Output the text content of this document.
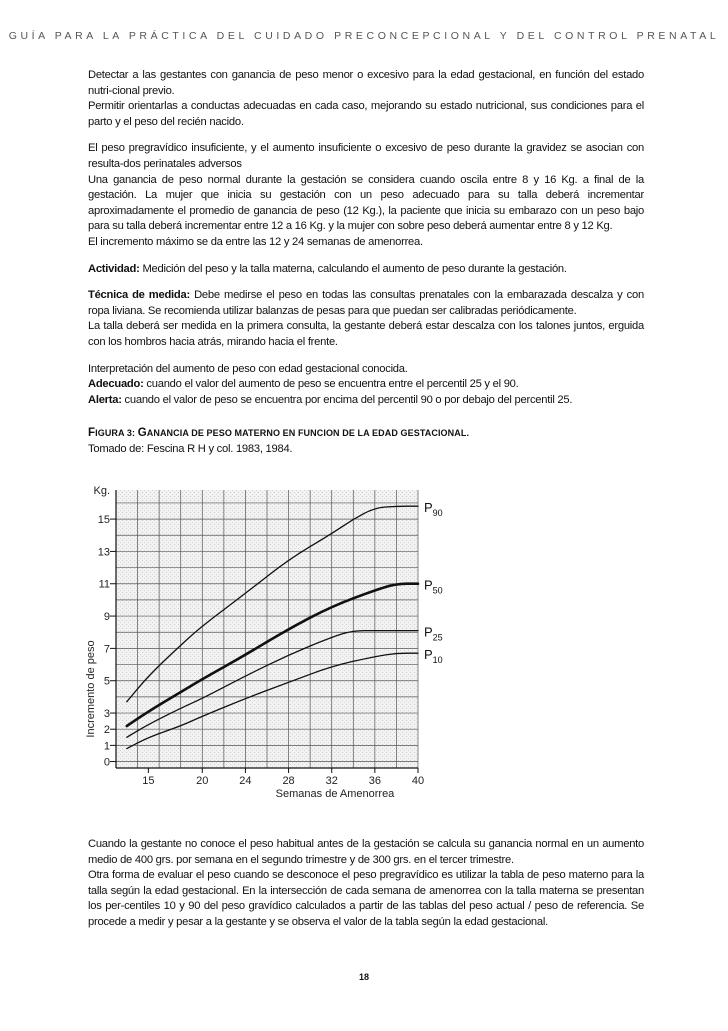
GUÍA PARA LA PRÁCTICA DEL CUIDADO PRECONCEPCIONAL Y DEL CONTROL PRENATAL

Detectar a las gestantes con ganancia de peso menor o excesivo para la edad gestacional, en función del estado nutri-cional previo.

Permitir orientarlas a conductas adecuadas en cada caso, mejorando su estado nutricional, sus condiciones para el parto y el peso del recién nacido.

El peso pregravídico insuficiente, y el aumento insuficiente o excesivo de peso durante la gravidez se asocian con resulta-dos perinatales adversos

Una ganancia de peso normal durante la gestación se considera cuando oscila entre 8 y 16 Kg. a final de la gestación. La mujer que inicia su gestación con un peso adecuado para su talla deberá incrementar aproximadamente el promedio de ganancia de peso (12 Kg.), la paciente que inicia su embarazo con un peso bajo para su talla deberá incrementar entre 12 a 16 Kg. y la mujer con sobre peso deberá aumentar entre 8 y 12 Kg.

El incremento máximo se da entre las 12 y 24 semanas de amenorrea.

Actividad: Medición del peso y la talla materna, calculando el aumento de peso durante la gestación.

Técnica de medida: Debe medirse el peso en todas las consultas prenatales con la embarazada descalza y con ropa liviana. Se recomienda utilizar balanzas de pesas para que puedan ser calibradas periódicamente.

La talla deberá ser medida en la primera consulta, la gestante deberá estar descalza con los talones juntos, erguida con los hombros hacia atrás, mirando hacia el frente.

Interpretación del aumento de peso con edad gestacional conocida.

Adecuado: cuando el valor del aumento de peso se encuentra entre el percentil 25 y el 90.

Alerta: cuando el valor de peso se encuentra por encima del percentil 90 o por debajo del percentil 25.

FIGURA 3: GANANCIA DE PESO MATERNO EN FUNCION DE LA EDAD GESTACIONAL.

Tomado de: Fescina R H y col. 1983, 1984.

$P_{90}$
$P_{50}$
$P_{25}$
$P_{10}$
0
1
2
3
5
7
9
11
13
15
Kg.
15	20	24	28	32	36	40
Semanas de Amenorrea
Incremento de peso

Cuando la gestante no conoce el peso habitual antes de la gestación se calcula su ganancia normal en un aumento medio de 400 grs. por semana en el segundo trimestre y de 300 grs. en el tercer trimestre.

Otra forma de evaluar el peso cuando se desconoce el peso pregravídico es utilizar la tabla de peso materno para la talla según la edad gestacional. En la intersección de cada semana de amenorrea con la talla materna se presentan los per-centiles 10 y 90 del peso gravídico calculados a partir de las tablas del peso actual / peso de referencia. Se procede a medir y pesar a la gestante y se observa el valor de la tabla según la edad gestacional.

18
